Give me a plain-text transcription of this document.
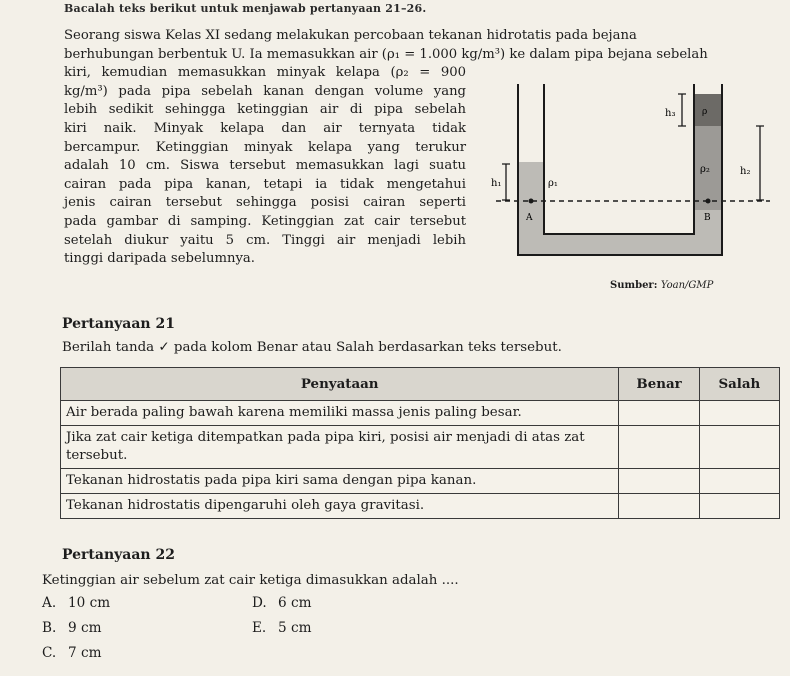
Bacalah teks berikut untuk menjawab pertanyaan 21–26.
Seorang siswa Kelas XI sedang melakukan percobaan tekanan hidrotatis pada bejana
berhubungan berbentuk U. Ia memasukkan air (ρ₁ = 1.000 kg/m³) ke dalam pipa bejana sebelah
kiri, kemudian memasukkan minyak kelapa (ρ₂ = 900
kg/m³) pada pipa sebelah kanan dengan volume yang
lebih sedikit sehingga ketinggian air di pipa sebelah
kiri naik. Minyak kelapa dan air ternyata tidak
bercampur. Ketinggian minyak kelapa yang terukur
adalah 10 cm. Siswa tersebut memasukkan lagi suatu
cairan pada pipa kanan, tetapi ia tidak mengetahui
jenis cairan tersebut sehingga posisi cairan seperti
pada gambar di samping. Ketinggian zat cair tersebut
setelah diukur yaitu 5 cm. Tinggi air menjadi lebih
tinggi daripada sebelumnya.
h₁
h₂
h₃
ρ₁
ρ₂
ρ
A	B
Sumber: Yoan/GMP
Pertanyaan 21
Berilah tanda ✓ pada kolom Benar atau Salah berdasarkan teks tersebut.
Penyataan	Benar	Salah
Air berada paling bawah karena memiliki massa jenis paling besar.		
Jika zat cair ketiga ditempatkan pada pipa kiri, posisi air menjadi di atas zat tersebut.		
Tekanan hidrostatis pada pipa kiri sama dengan pipa kanan.		
Tekanan hidrostatis dipengaruhi oleh gaya gravitasi.		
Pertanyaan 22
Ketinggian air sebelum zat cair ketiga dimasukkan adalah ....
A. 10 cm
B. 9 cm
C. 7 cm
D. 6 cm
E. 5 cm
